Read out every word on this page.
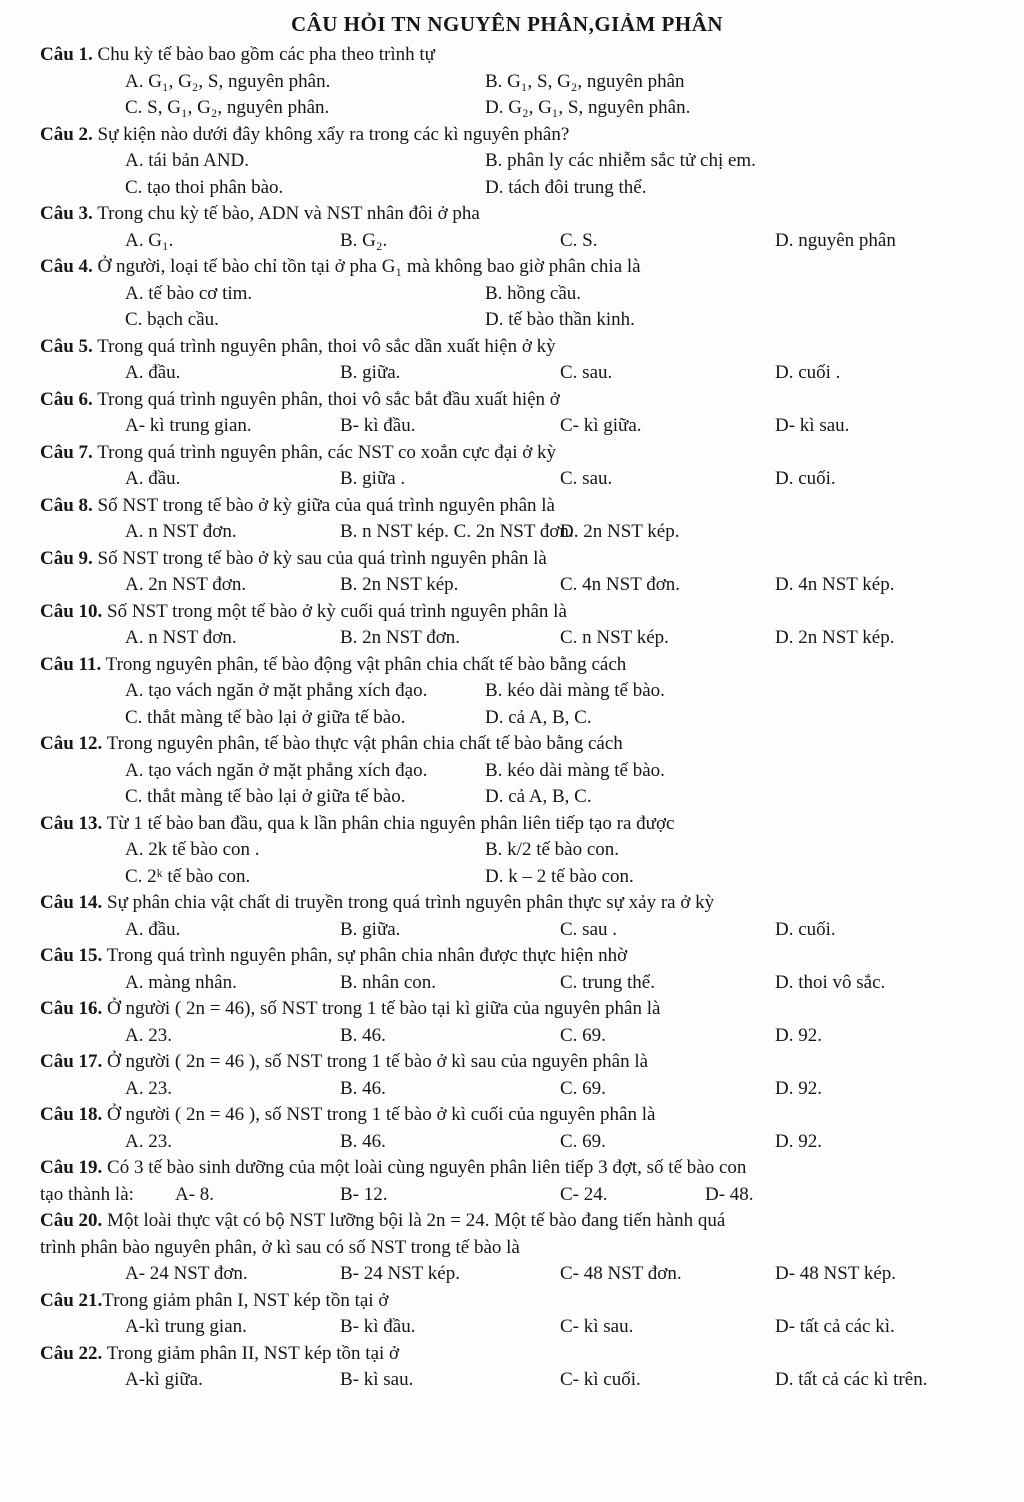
CÂU HỎI TN NGUYÊN PHÂN,GIẢM PHÂN
Câu 1. Chu kỳ tế bào bao gồm các pha theo trình tự
A. G₁, G₂, S, nguyên phân.	B. G₁, S, G₂, nguyên phân
C. S, G₁, G₂, nguyên phân.	D. G₂, G₁, S, nguyên phân.
Câu 2. Sự kiện nào dưới đây không xẩy ra trong các kì nguyên phân?
A. tái bản AND.	B. phân ly các nhiễm sắc tử chị em.
C. tạo thoi phân bào.	D. tách đôi trung thể.
Câu 3. Trong chu kỳ tế bào, ADN và NST nhân đôi ở pha
A. G₁.	B. G₂.	C. S.	D. nguyên phân
Câu 4. Ở người, loại tế bào chỉ tồn tại ở pha G₁ mà không bao giờ phân chia là
A. tế bào cơ tim.	B. hồng cầu.
C. bạch cầu.	D. tế bào thần kinh.
Câu 5. Trong quá trình nguyên phân, thoi vô sắc dần xuất hiện ở kỳ
A. đầu.	B. giữa.	C. sau.	D. cuối .
Câu 6. Trong quá trình nguyên phân, thoi vô sắc bắt đầu xuất hiện ở
A- kì trung gian.	B- kì đầu.	C- kì giữa.	D- kì sau.
Câu 7. Trong quá trình nguyên phân, các NST co xoắn cực đại ở kỳ
A. đầu.	B. giữa .	C. sau.	D. cuối.
Câu 8. Số NST trong tế bào ở kỳ giữa của quá trình nguyên phân là
A. n NST đơn.	B. n NST kép. C. 2n NST đơn.
D. 2n NST kép.
Câu 9. Số NST trong tế bào ở kỳ sau của quá trình nguyên phân là
A. 2n NST đơn.	B. 2n NST kép.	C. 4n NST đơn.	D. 4n NST kép.
Câu 10. Số NST trong một tế bào ở kỳ cuối quá trình nguyên phân là
A. n NST đơn.	B. 2n NST đơn.	C. n NST kép.	D. 2n NST kép.
Câu 11. Trong nguyên phân, tế bào động vật phân chia chất tế bào bằng cách
A. tạo vách ngăn ở mặt phẳng xích đạo.	B. kéo dài màng tế bào.
C. thắt màng tế bào lại ở giữa tế bào.	D. cả A, B, C.
Câu 12. Trong nguyên phân, tế bào thực vật phân chia chất tế bào bằng cách
A. tạo vách ngăn ở mặt phẳng xích đạo.	B. kéo dài màng tế bào.
C. thắt màng tế bào lại ở giữa tế bào.	D. cả A, B, C.
Câu 13. Từ 1 tế bào ban đầu, qua k lần phân chia nguyên phân liên tiếp tạo ra được
A. 2k tế bào con .	B. k/2 tế bào con.
C. 2ᵏ tế bào con.	D. k – 2 tế bào con.
Câu 14. Sự phân chia vật chất di truyền trong quá trình nguyên phân thực sự xảy ra ở kỳ
A. đầu.	B. giữa.	C. sau .	D. cuối.
Câu 15. Trong quá trình nguyên phân, sự phân chia nhân được thực hiện nhờ
A. màng nhân.	B. nhân con.	C. trung thể.	D. thoi vô sắc.
Câu 16. Ở người ( 2n = 46), số NST trong 1 tế bào tại kì giữa của nguyên phân là
A. 23.	B. 46.	C. 69.	D. 92.
Câu 17. Ở người ( 2n = 46 ), số NST trong 1 tế bào ở kì sau của nguyên phân là
A. 23.	B. 46.	C. 69.	D. 92.
Câu 18. Ở người ( 2n = 46 ), số NST trong 1 tế bào ở kì cuối của nguyên phân là
A. 23.	B. 46.	C. 69.	D. 92.
Câu 19. Có 3 tế bào sinh dưỡng của một loài cùng nguyên phân liên tiếp 3 đợt, số tế bào con
tạo thành là: A- 8.	B- 12.	C- 24.	D- 48.
Câu 20. Một loài thực vật có bộ NST lưỡng bội là 2n = 24. Một tế bào đang tiến hành quá
trình phân bào nguyên phân, ở kì sau có số NST trong tế bào là
A- 24 NST đơn.	B- 24 NST kép.	C- 48 NST đơn.	D- 48 NST kép.
Câu 21.Trong giảm phân I, NST kép tồn tại ở
A-kì trung gian.	B- kì đầu.	C- kì sau.	D- tất cả các kì.
Câu 22. Trong giảm phân II, NST kép tồn tại ở
A-kì giữa.	B- kì sau.	C- kì cuối.	D. tất cả các kì trên.
